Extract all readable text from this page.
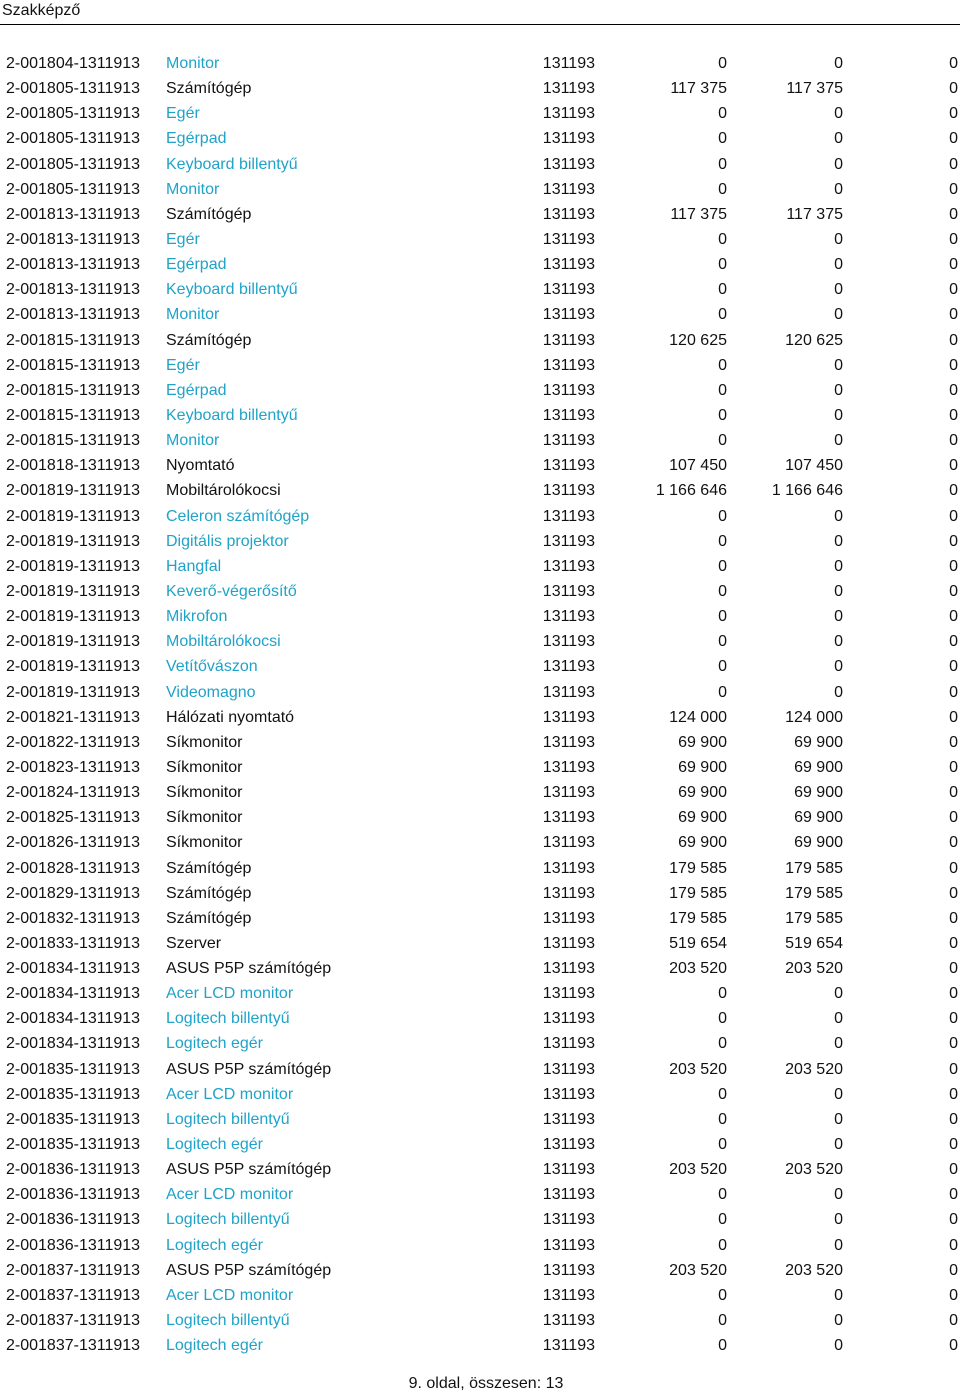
Szakképző
2-001804-1311913 Monitor	131193	0	0	0
2-001805-1311913 Számítógép	131193	117 375	117 375	0
2-001805-1311913 Egér	131193	0	0	0
2-001805-1311913 Egérpad	131193	0	0	0
2-001805-1311913 Keyboard billentyű	131193	0	0	0
2-001805-1311913 Monitor	131193	0	0	0
2-001813-1311913 Számítógép	131193	117 375	117 375	0
2-001813-1311913 Egér	131193	0	0	0
2-001813-1311913 Egérpad	131193	0	0	0
2-001813-1311913 Keyboard billentyű	131193	0	0	0
2-001813-1311913 Monitor	131193	0	0	0
2-001815-1311913 Számítógép	131193	120 625	120 625	0
2-001815-1311913 Egér	131193	0	0	0
2-001815-1311913 Egérpad	131193	0	0	0
2-001815-1311913 Keyboard billentyű	131193	0	0	0
2-001815-1311913 Monitor	131193	0	0	0
2-001818-1311913 Nyomtató	131193	107 450	107 450	0
2-001819-1311913 Mobiltárolókocsi	131193	1 166 646	1 166 646	0
2-001819-1311913 Celeron számítógép	131193	0	0	0
2-001819-1311913 Digitális projektor	131193	0	0	0
2-001819-1311913 Hangfal	131193	0	0	0
2-001819-1311913 Keverő-végerősítő	131193	0	0	0
2-001819-1311913 Mikrofon	131193	0	0	0
2-001819-1311913 Mobiltárolókocsi	131193	0	0	0
2-001819-1311913 Vetítővászon	131193	0	0	0
2-001819-1311913 Videomagno	131193	0	0	0
2-001821-1311913 Hálózati nyomtató	131193	124 000	124 000	0
2-001822-1311913 Síkmonitor	131193	69 900	69 900	0
2-001823-1311913 Síkmonitor	131193	69 900	69 900	0
2-001824-1311913 Síkmonitor	131193	69 900	69 900	0
2-001825-1311913 Síkmonitor	131193	69 900	69 900	0
2-001826-1311913 Síkmonitor	131193	69 900	69 900	0
2-001828-1311913 Számítógép	131193	179 585	179 585	0
2-001829-1311913 Számítógép	131193	179 585	179 585	0
2-001832-1311913 Számítógép	131193	179 585	179 585	0
2-001833-1311913 Szerver	131193	519 654	519 654	0
2-001834-1311913 ASUS P5P számítógép	131193	203 520	203 520	0
2-001834-1311913 Acer LCD monitor	131193	0	0	0
2-001834-1311913 Logitech billentyű	131193	0	0	0
2-001834-1311913 Logitech egér	131193	0	0	0
2-001835-1311913 ASUS P5P számítógép	131193	203 520	203 520	0
2-001835-1311913 Acer LCD monitor	131193	0	0	0
2-001835-1311913 Logitech billentyű	131193	0	0	0
2-001835-1311913 Logitech egér	131193	0	0	0
2-001836-1311913 ASUS P5P számítógép	131193	203 520	203 520	0
2-001836-1311913 Acer LCD monitor	131193	0	0	0
2-001836-1311913 Logitech billentyű	131193	0	0	0
2-001836-1311913 Logitech egér	131193	0	0	0
2-001837-1311913 ASUS P5P számítógép	131193	203 520	203 520	0
2-001837-1311913 Acer LCD monitor	131193	0	0	0
2-001837-1311913 Logitech billentyű	131193	0	0	0
2-001837-1311913 Logitech egér	131193	0	0	0
9. oldal, összesen: 13
